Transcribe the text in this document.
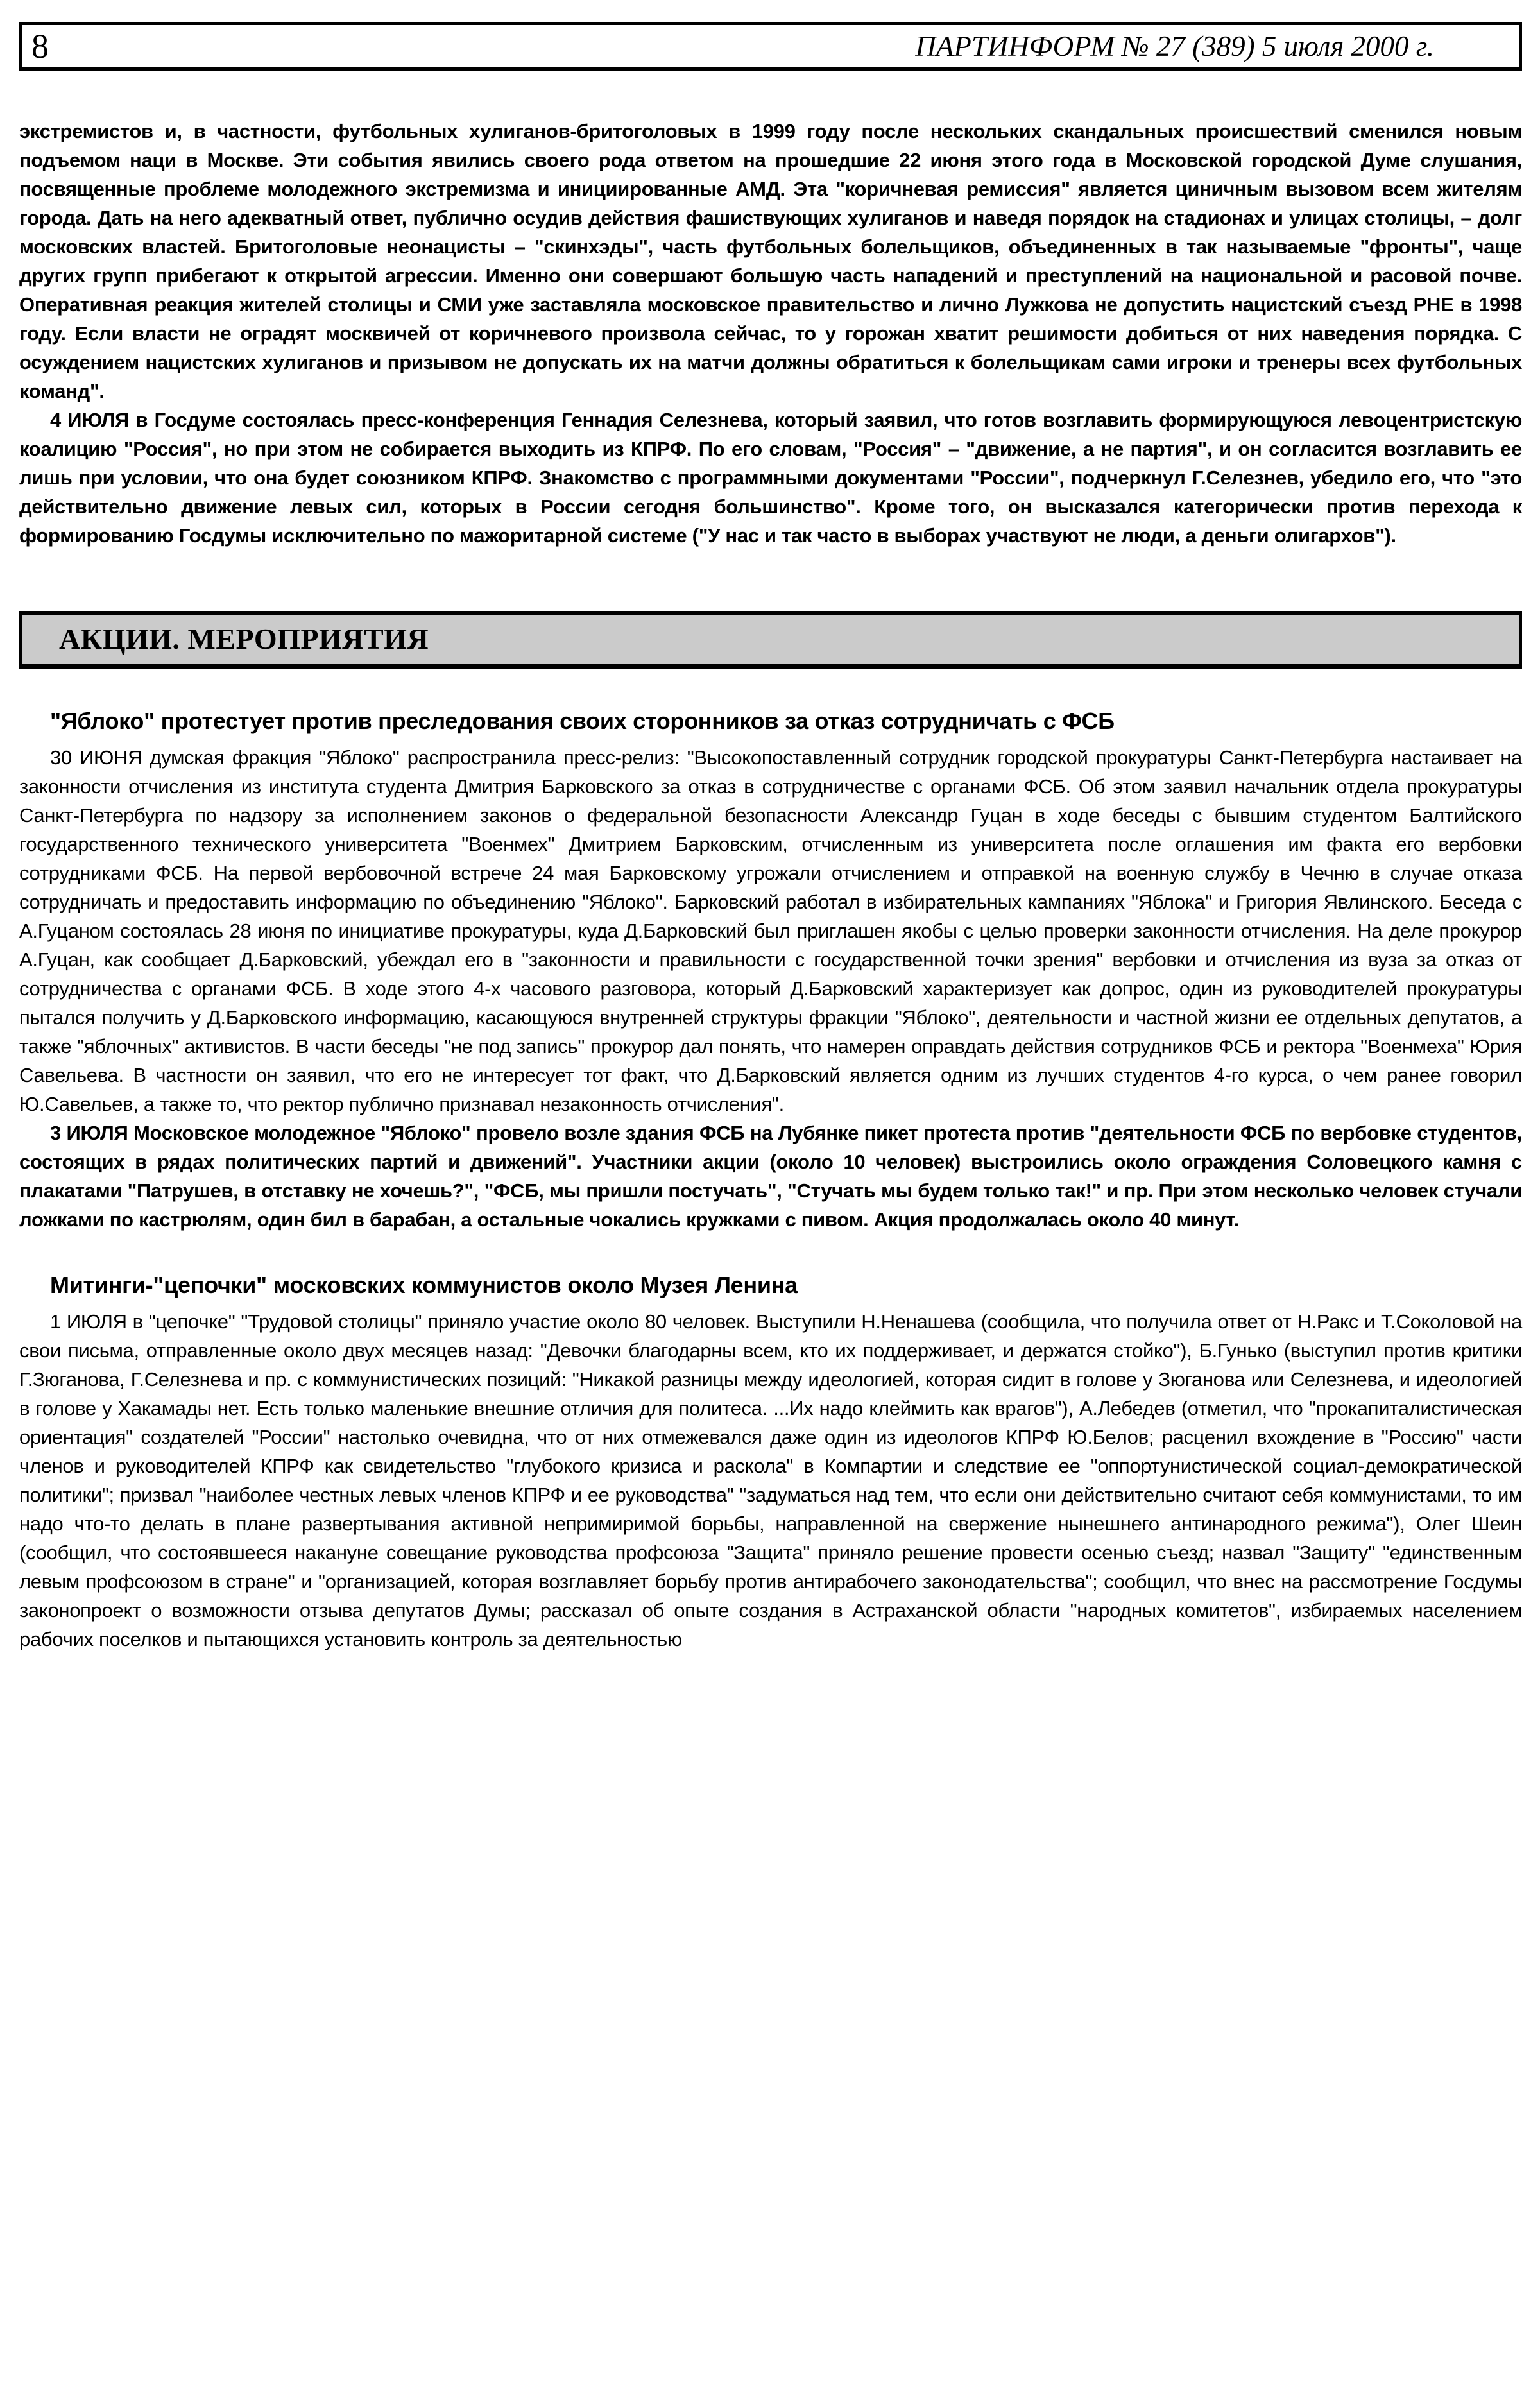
8	ПАРТИНФОРМ № 27 (389) 5 июля 2000 г.

экстремистов и, в частности, футбольных хулиганов-бритоголовых в 1999 году после нескольких скандальных происшествий сменился новым подъемом наци в Москве. Эти события явились своего рода ответом на прошедшие 22 июня этого года в Московской городской Думе слушания, посвященные проблеме молодежного экстремизма и инициированные АМД. Эта "коричневая ремиссия" является циничным вызовом всем жителям города. Дать на него адекватный ответ, публично осудив действия фашиствующих хулиганов и наведя порядок на стадионах и улицах столицы, – долг московских властей. Бритоголовые неонацисты – "скинхэды", часть футбольных болельщиков, объединенных в так называемые "фронты", чаще других групп прибегают к открытой агрессии. Именно они совершают большую часть нападений и преступлений на национальной и расовой почве. Оперативная реакция жителей столицы и СМИ уже заставляла московское правительство и лично Лужкова не допустить нацистский съезд РНЕ в 1998 году. Если власти не оградят москвичей от коричневого произвола сейчас, то у горожан хватит решимости добиться от них наведения порядка. С осуждением нацистских хулиганов и призывом не допускать их на матчи должны обратиться к болельщикам сами игроки и тренеры всех футбольных команд".

4 ИЮЛЯ в Госдуме состоялась пресс-конференция Геннадия Селезнева, который заявил, что готов возглавить формирующуюся левоцентристскую коалицию "Россия", но при этом не собирается выходить из КПРФ. По его словам, "Россия" – "движение, а не партия", и он согласится возглавить ее лишь при условии, что она будет союзником КПРФ. Знакомство с программными документами "России", подчеркнул Г.Селезнев, убедило его, что "это действительно движение левых сил, которых в России сегодня большинство". Кроме того, он высказался категорически против перехода к формированию Госдумы исключительно по мажоритарной системе ("У нас и так часто в выборах участвуют не люди, а деньги олигархов").

АКЦИИ. МЕРОПРИЯТИЯ
"Яблоко" протестует против преследования своих сторонников за отказ сотрудничать с ФСБ

30 ИЮНЯ думская фракция "Яблоко" распространила пресс-релиз: "Высокопоставленный сотрудник городской прокуратуры Санкт-Петербурга настаивает на законности отчисления из института студента Дмитрия Барковского за отказ в сотрудничестве с органами ФСБ. Об этом заявил начальник отдела прокуратуры Санкт-Петербурга по надзору за исполнением законов о федеральной безопасности Александр Гуцан в ходе беседы с бывшим студентом Балтийского государственного технического университета "Военмех" Дмитрием Барковским, отчисленным из университета после оглашения им факта его вербовки сотрудниками ФСБ. На первой вербовочной встрече 24 мая Барковскому угрожали отчислением и отправкой на военную службу в Чечню в случае отказа сотрудничать и предоставить информацию по объединению "Яблоко". Барковский работал в избирательных кампаниях "Яблока" и Григория Явлинского. Беседа с А.Гуцаном состоялась 28 июня по инициативе прокуратуры, куда Д.Барковский был приглашен якобы с целью проверки законности отчисления. На деле прокурор А.Гуцан, как сообщает Д.Барковский, убеждал его в "законности и правильности с государственной точки зрения" вербовки и отчисления из вуза за отказ от сотрудничества с органами ФСБ. В ходе этого 4-х часового разговора, который Д.Барковский характеризует как допрос, один из руководителей прокуратуры пытался получить у Д.Барковского информацию, касающуюся внутренней структуры фракции "Яблоко", деятельности и частной жизни ее отдельных депутатов, а также "яблочных" активистов. В части беседы "не под запись" прокурор дал понять, что намерен оправдать действия сотрудников ФСБ и ректора "Военмеха" Юрия Савельева. В частности он заявил, что его не интересует тот факт, что Д.Барковский является одним из лучших студентов 4-го курса, о чем ранее говорил Ю.Савельев, а также то, что ректор публично признавал незаконность отчисления".

3 ИЮЛЯ Московское молодежное "Яблоко" провело возле здания ФСБ на Лубянке пикет протеста против "деятельности ФСБ по вербовке студентов, состоящих в рядах политических партий и движений". Участники акции (около 10 человек) выстроились около ограждения Соловецкого камня с плакатами "Патрушев, в отставку не хочешь?", "ФСБ, мы пришли постучать", "Стучать мы будем только так!" и пр. При этом несколько человек стучали ложками по кастрюлям, один бил в барабан, а остальные чокались кружками с пивом. Акция продолжалась около 40 минут.

Митинги-"цепочки" московских коммунистов около Музея Ленина

1 ИЮЛЯ в "цепочке" "Трудовой столицы" приняло участие около 80 человек. Выступили Н.Ненашева (сообщила, что получила ответ от Н.Ракс и Т.Соколовой на свои письма, отправленные около двух месяцев назад: "Девочки благодарны всем, кто их поддерживает, и держатся стойко"), Б.Гунько (выступил против критики Г.Зюганова, Г.Селезнева и пр. с коммунистических позиций: "Никакой разницы между идеологией, которая сидит в голове у Зюганова или Селезнева, и идеологией в голове у Хакамады нет. Есть только маленькие внешние отличия для политеса. ...Их надо клеймить как врагов"), А.Лебедев (отметил, что "прокапиталистическая ориентация" создателей "России" настолько очевидна, что от них отмежевался даже один из идеологов КПРФ Ю.Белов; расценил вхождение в "Россию" части членов и руководителей КПРФ как свидетельство "глубокого кризиса и раскола" в Компартии и следствие ее "оппортунистической социал-демократической политики"; призвал "наиболее честных левых членов КПРФ и ее руководства" "задуматься над тем, что если они действительно считают себя коммунистами, то им надо что-то делать в плане развертывания активной непримиримой борьбы, направленной на свержение нынешнего антинародного режима"), Олег Шеин (сообщил, что состоявшееся накануне совещание руководства профсоюза "Защита" приняло решение провести осенью съезд; назвал "Защиту" "единственным левым профсоюзом в стране" и "организацией, которая возглавляет борьбу против антирабочего законодательства"; сообщил, что внес на рассмотрение Госдумы законопроект о возможности отзыва депутатов Думы; рассказал об опыте создания в Астраханской области "народных комитетов", избираемых населением рабочих поселков и пытающихся установить контроль за деятельностью
